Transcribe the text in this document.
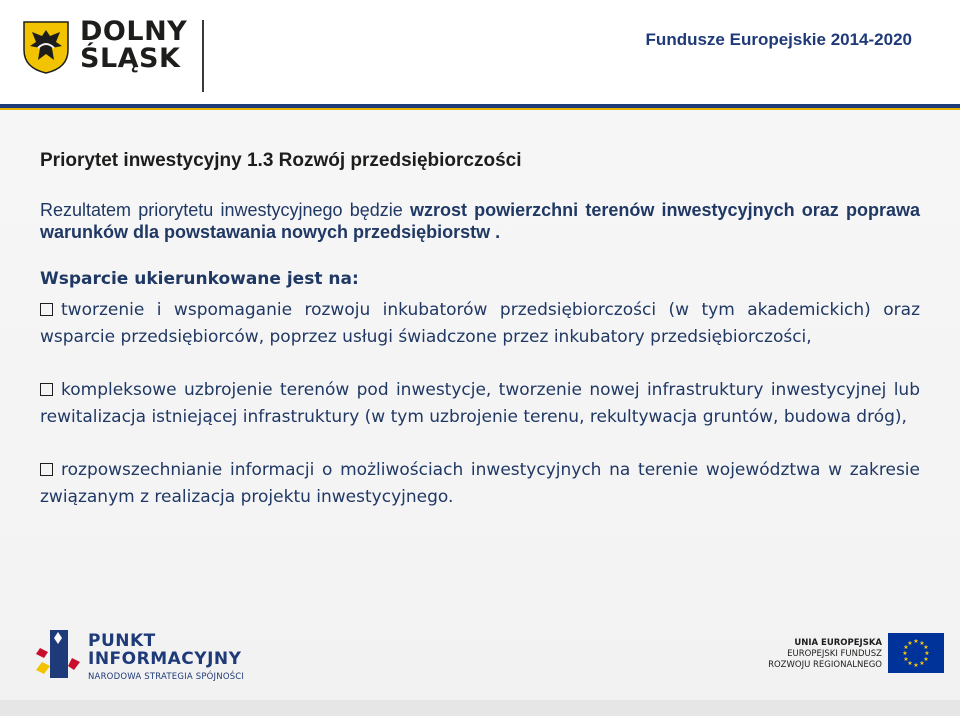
DOLNY
ŚLĄSK
Fundusze Europejskie 2014-2020

Priorytet inwestycyjny 1.3 Rozwój przedsiębiorczości

Rezultatem priorytetu inwestycyjnego będzie wzrost powierzchni terenów inwestycyjnych oraz poprawa warunków dla powstawania nowych przedsiębiorstw .

Wsparcie ukierunkowane jest na:

tworzenie i wspomaganie rozwoju inkubatorów przedsiębiorczości (w tym akademickich) oraz wsparcie przedsiębiorców, poprzez usługi świadczone przez inkubatory przedsiębiorczości,

kompleksowe uzbrojenie terenów pod inwestycje, tworzenie nowej infrastruktury inwestycyjnej lub rewitalizacja istniejącej infrastruktury (w tym uzbrojenie terenu, rekultywacja gruntów, budowa dróg),

rozpowszechnianie informacji o możliwościach inwestycyjnych na terenie województwa w zakresie związanym z realizacja projektu inwestycyjnego.

PUNKT
INFORMACYJNY
NARODOWA STRATEGIA SPÓJNOŚCI
UNIA EUROPEJSKA
EUROPEJSKI FUNDUSZ
ROZWOJU REGIONALNEGO
★ ★
★
★
★
★
★
★
★
★
★
★
